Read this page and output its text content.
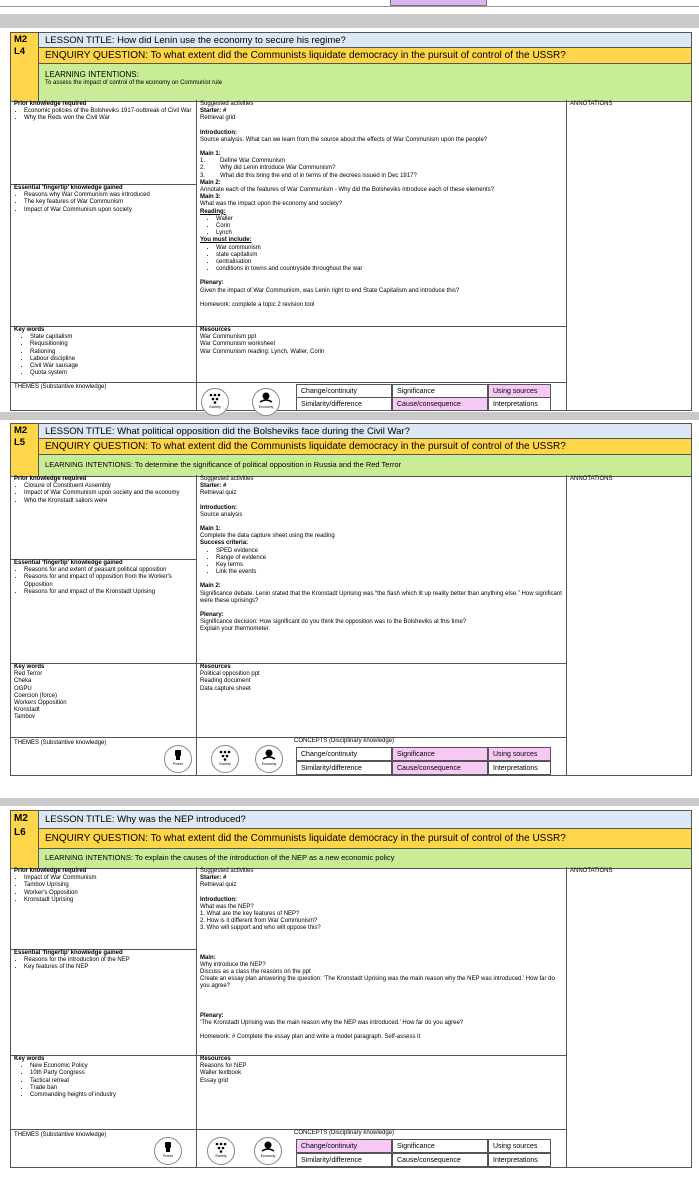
M2
L4
LESSON TITLE: How did Lenin use the economy to secure his regime?
ENQUIRY QUESTION: To what extent did the Communists liquidate democracy in the pursuit of control of the USSR?
LEARNING INTENTIONS:
To assess the impact of control of the economy on Communist rule
Prior knowledge required
• Economic policies of the Bolsheviks 1917-outbreak of Civil War
• Why the Reds won the Civil War
Essential ‘fingertip’ knowledge gained
• Reasons why War Communism was introduced
• The key features of War Communism
• Impact of War Communism upon society
Key words
• State capitalism
• Requisitioning
• Rationing
• Labour discipline
• Civil War sausage
• Quota system
Suggested activities
Starter: #
Retrieval grid
Introduction:
Source analysis. What can we learn from the source about the effects of War Communism upon the people?
Main 1:
1.	Define War Communism
2.	Why did Lenin introduce War Communism?
3.	What did this bring the end of in terms of the decrees issued in Dec 1917?
Main 2:
Annotate each of the features of War Communism - Why did the Bolsheviks introduce each of these elements?
Main 3:
What was the impact upon the economy and society?
Reading:
• Waller
• Corin
• Lynch
You must include:
• War communism
• state capitalism
• centralisation
• conditions in towns and countryside throughout the war
Plenary:
Given the impact of War Communism, was Lenin right to end State Capitalism and introduce this?
Homework: complete a topic 2 revision tool
Resources
War Communism ppt
War Communism worksheet
War Communism reading: Lynch, Waller, Corin
ANNOTATIONS
THEMES (Substantive knowledge)
Society	Economy
Change/continuity	Significance	Using sources
Similarity/difference	Cause/consequence	Interpretations
M2
L5
LESSON TITLE: What political opposition did the Bolsheviks face during the Civil War?
ENQUIRY QUESTION: To what extent did the Communists liquidate democracy in the pursuit of control of the USSR?
LEARNING INTENTIONS: To determine the significance of political opposition in Russia and the Red Terror
Prior knowledge required
• Closure of Constituent Assembly
• Impact of War Communism upon society and the economy
• Who the Kronstadt sailors were
Essential ‘fingertip’ knowledge gained
• Reasons for and extent of peasant political opposition
• Reasons for and impact of opposition from the Worker's Opposition
• Reasons for and impact of the Kronstadt Uprising
Key words
Red Terror
Cheka
OGPU
Coercion (force)
Workers Opposition
Kronstadt
Tambov
Suggested activities
Starter: #
Retrieval quiz
Introduction:
Source analysis
Main 1:
Complete the data capture sheet using the reading
Success criteria:
• SPED evidence
• Range of evidence
• Key terms
• Link the events
Main 2:
Significance debate. Lenin stated that the Kronstadt Uprising was “the flash which lit up reality better than anything else.” How significant were these uprisings?
Plenary:
Significance decision: How significant do you think the opposition was to the Bolsheviks at this time?
Explain your thermometer.
Resources
Political opposition ppt
Reading document
Data capture sheet
ANNOTATIONS
THEMES (Substantive knowledge)
Power	Society	Economy
CONCEPTS (Disciplinary knowledge)
Change/continuity	Significance	Using sources
Similarity/difference	Cause/consequence	Interpretations
M2
L6
LESSON TITLE: Why was the NEP introduced?
ENQUIRY QUESTION: To what extent did the Communists liquidate democracy in the pursuit of control of the USSR?
LEARNING INTENTIONS: To explain the causes of the introduction of the NEP as a new economic policy
Prior knowledge required
• Impact of War Communism
• Tambov Uprising
• Worker's Opposition
• Kronstadt Uprising
Essential ‘fingertip’ knowledge gained
• Reasons for the introduction of the NEP
• Key features of the NEP
Key words
• New Economic Policy
• 10th Party Congress
• Tactical retreat
• Trade ban
• Commanding heights of industry
Suggested activities
Starter: #
Retrieval quiz
Introduction:
What was the NEP?
1. What are the key features of NEP?
2. How is it different from War Communism?
3. Who will support and who will oppose this?
Main:
Why introduce the NEP?
Discuss as a class the reasons on the ppt
Create an essay plan answering the question: ‘The Kronstadt Uprising was the main reason why the NEP was introduced.’ How far do you agree?
Plenary:
‘The Kronstadt Uprising was the main reason why the NEP was introduced.’ How far do you agree?
Homework: # Complete the essay plan and write a model paragraph. Self-assess it
Resources
Reasons for NEP
Waller textbook
Essay grid
ANNOTATIONS
THEMES (Substantive knowledge)
Power	Society	Economy
CONCEPTS (Disciplinary knowledge)
Change/continuity	Significance	Using sources
Similarity/difference	Cause/consequence	Interpretations
